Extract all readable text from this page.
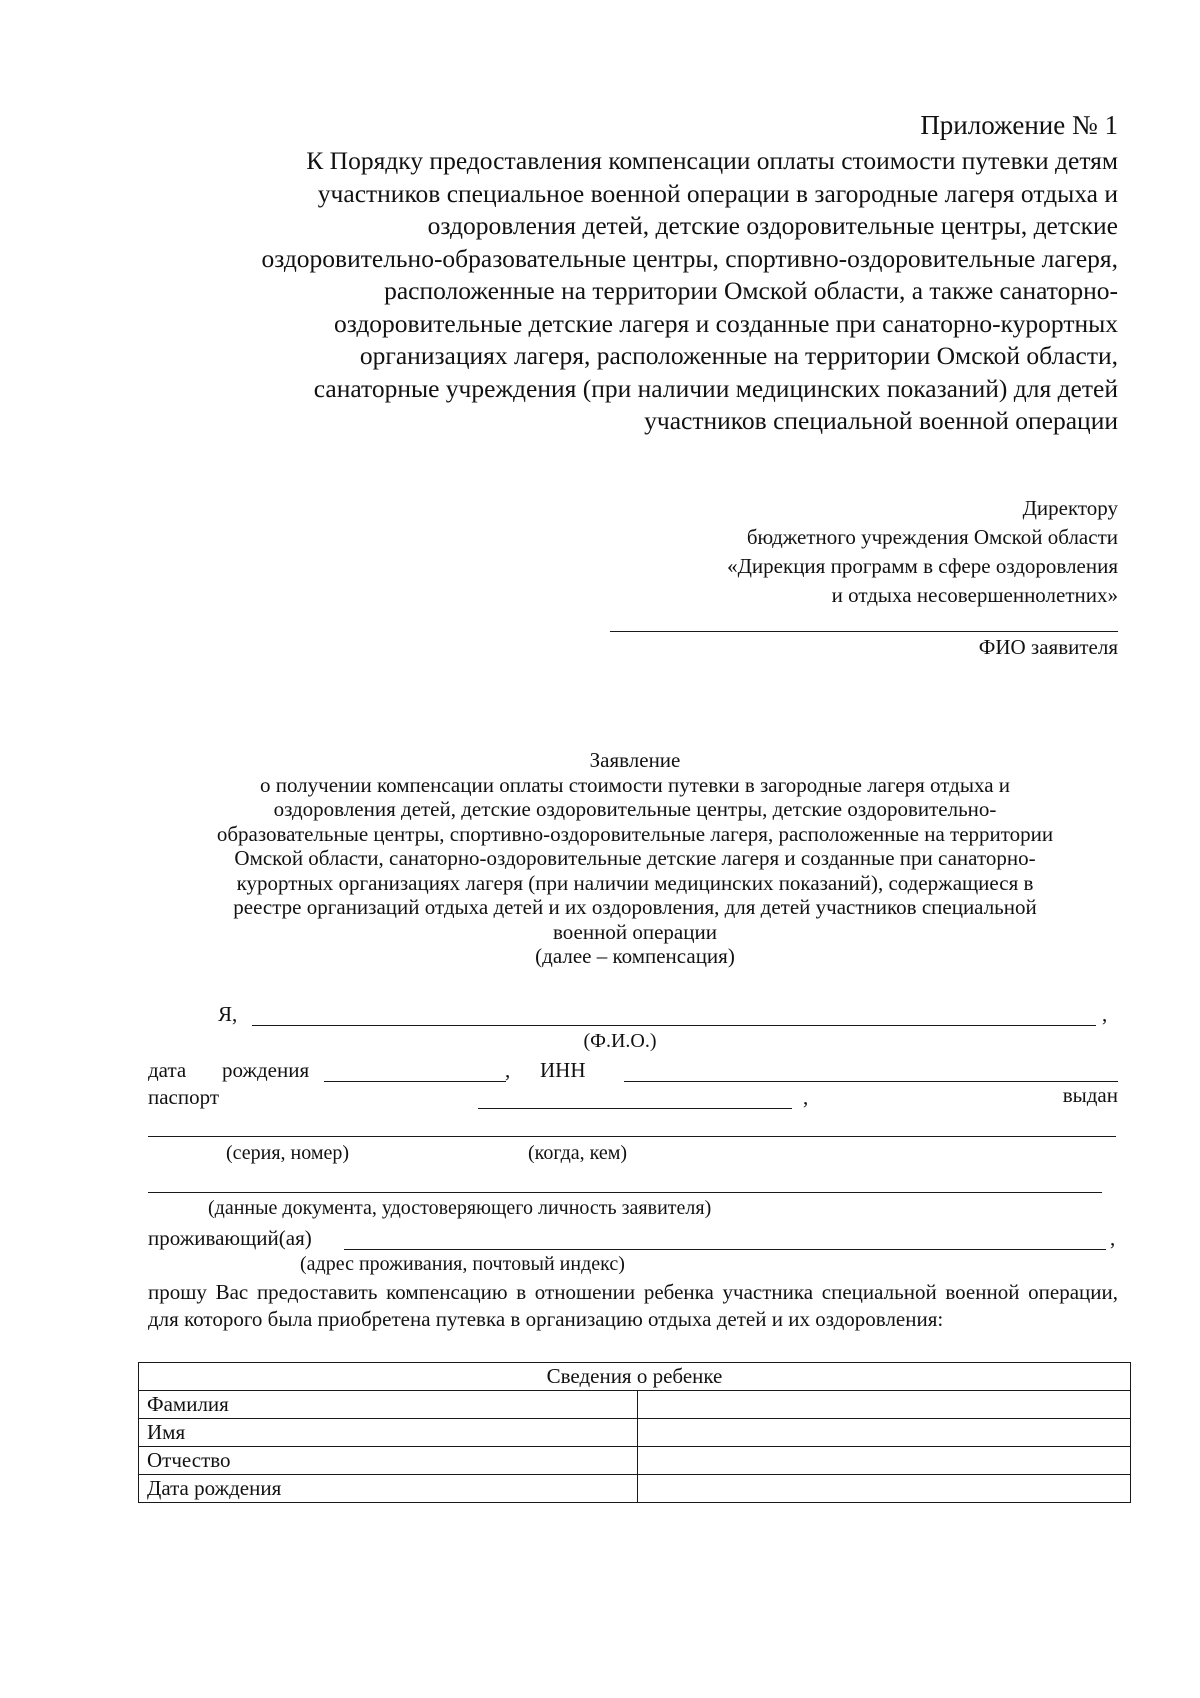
Приложение № 1
К Порядку предоставления компенсации оплаты стоимости путевки детям
участников специальное военной операции в загородные лагеря отдыха и
оздоровления детей, детские оздоровительные центры, детские
оздоровительно-образовательные центры, спортивно-оздоровительные лагеря,
расположенные на территории Омской области, а также санаторно-
оздоровительные детские лагеря и созданные при санаторно-курортных
организациях лагеря, расположенные на территории Омской области,
санаторные учреждения (при наличии медицинских показаний) для детей
участников специальной военной операции
Директору
бюджетного учреждения Омской области
«Дирекция программ в сфере оздоровления
и отдыха несовершеннолетних»
ФИО заявителя
Заявление
о получении компенсации оплаты стоимости путевки в загородные лагеря отдыха и
оздоровления детей, детские оздоровительные центры, детские оздоровительно-
образовательные центры, спортивно-оздоровительные лагеря, расположенные на территории
Омской области, санаторно-оздоровительные детские лагеря и созданные при санаторно-
курортных организациях лагеря (при наличии медицинских показаний), содержащиеся в
реестре организаций отдыха детей и их оздоровления, для детей участников специальной
военной операции
(далее – компенсация)
Я,	,
(Ф.И.О.)
дата рождения	, ИНН
паспорт	,	выдан
(серия, номер)	(когда, кем)
(данные документа, удостоверяющего личность заявителя)
проживающий(ая)	,
(адрес проживания, почтовый индекс)
прошу Вас предоставить компенсацию в отношении ребенка участника специальной военной операции, для которого была приобретена путевка в организацию отдыха детей и их оздоровления:
Сведения о ребенке	
Фамилия	
Имя	
Отчество	
Дата рождения	
